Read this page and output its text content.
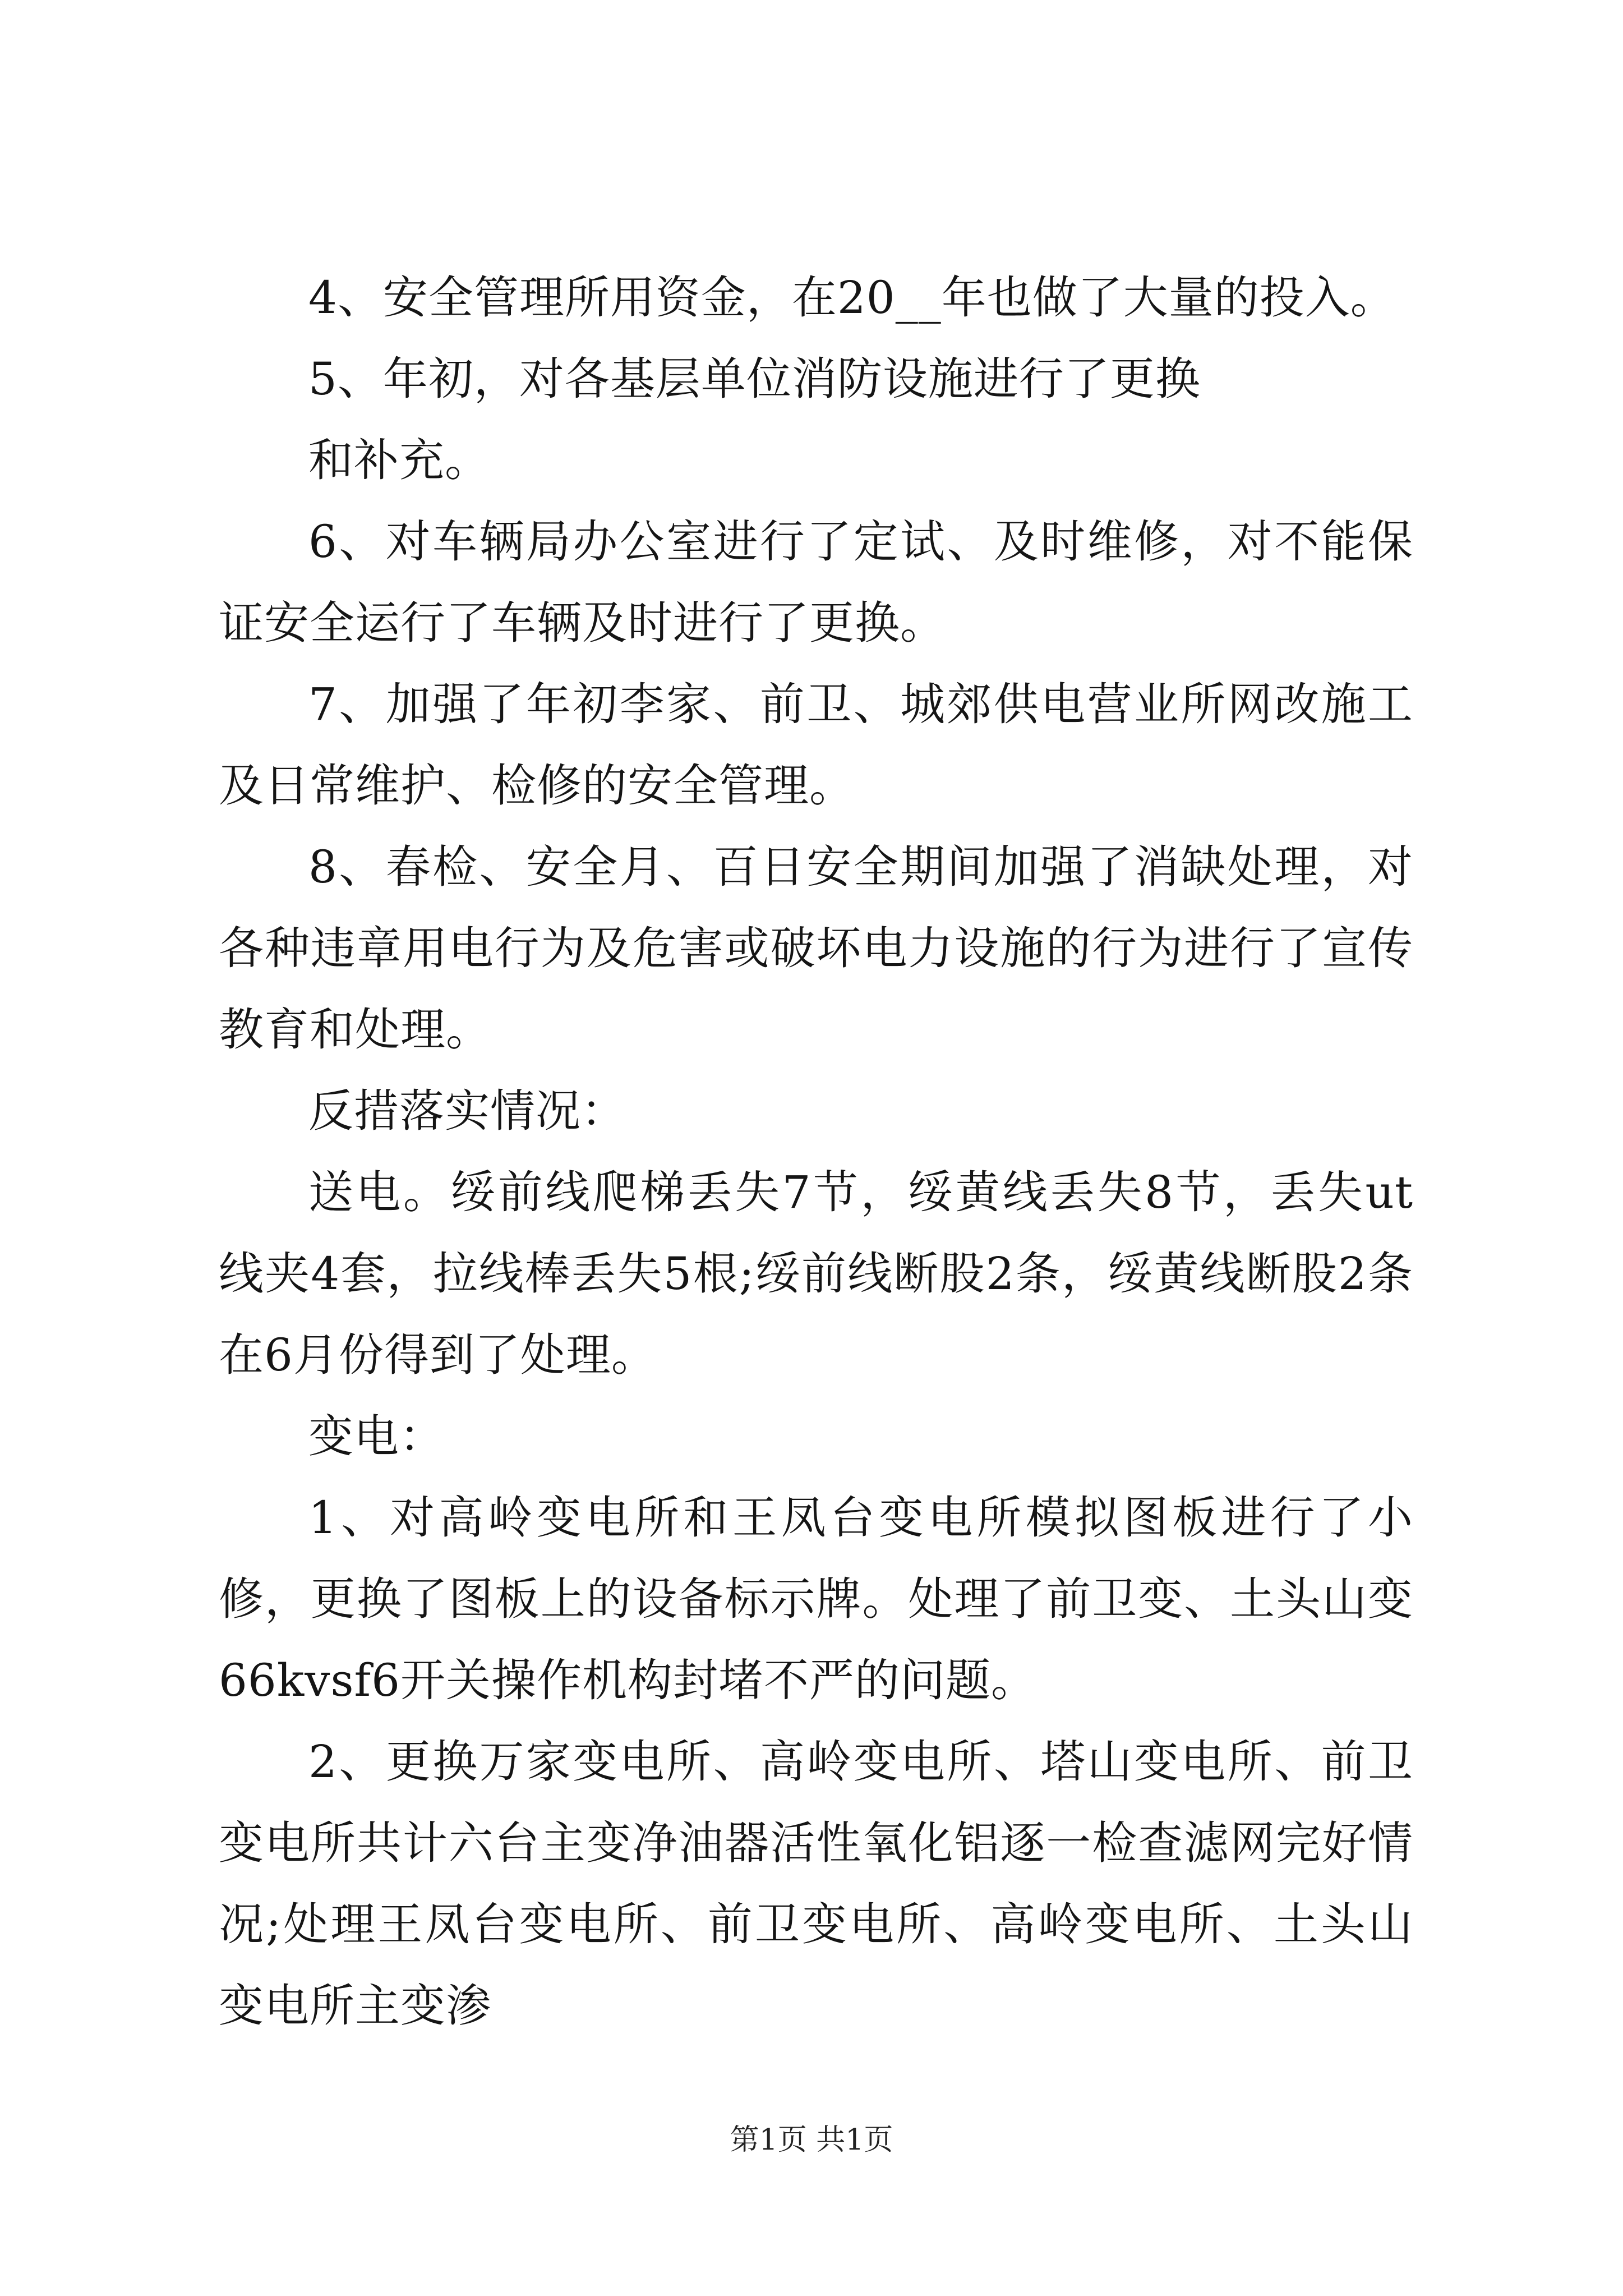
4、安全管理所用资金，在20__年也做了大量的投入。

5、年初，对各基层单位消防设施进行了更换

和补充。

6、对车辆局办公室进行了定试、及时维修，对不能保证安全运行了车辆及时进行了更换。

7、加强了年初李家、前卫、城郊供电营业所网改施工及日常维护、检修的安全管理。

8、春检、安全月、百日安全期间加强了消缺处理，对各种违章用电行为及危害或破坏电力设施的行为进行了宣传教育和处理。

反措落实情况：

送电。绥前线爬梯丢失7节，绥黄线丢失8节，丢失ut线夹4套，拉线棒丢失5根;绥前线断股2条，绥黄线断股2条在6月份得到了处理。

变电：

1、对高岭变电所和王凤台变电所模拟图板进行了小修，更换了图板上的设备标示牌。处理了前卫变、土头山变66kvsf6开关操作机构封堵不严的问题。

2、更换万家变电所、高岭变电所、塔山变电所、前卫变电所共计六台主变净油器活性氧化铝逐一检查滤网完好情况;处理王凤台变电所、前卫变电所、高岭变电所、土头山变电所主变渗

第1页 共1页
